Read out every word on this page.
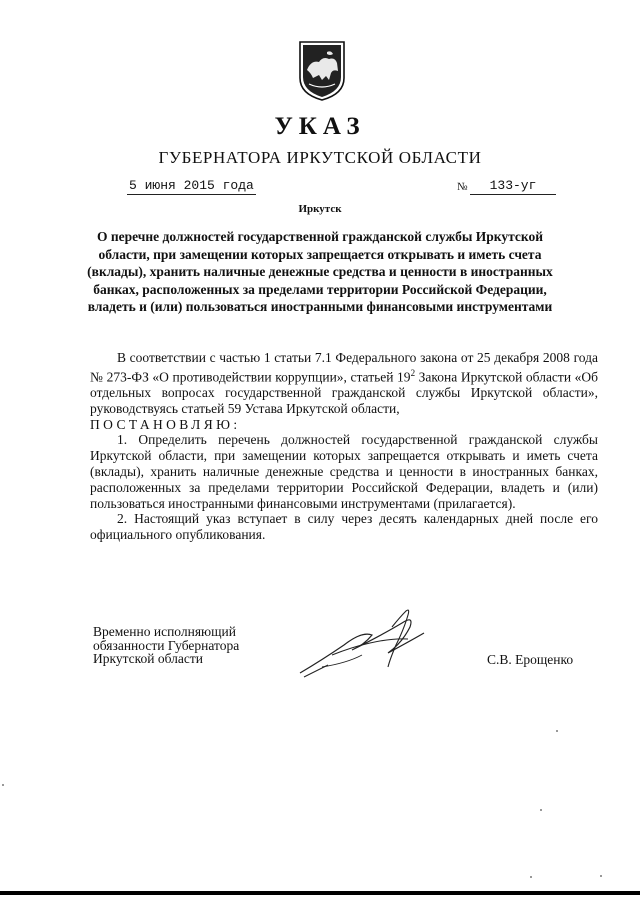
УКАЗ
ГУБЕРНАТОРА ИРКУТСКОЙ ОБЛАСТИ
5 июня 2015 года	№	133-уг
Иркутск
О перечне должностей государственной гражданской службы Иркутской области, при замещении которых запрещается открывать и иметь счета (вклады), хранить наличные денежные средства и ценности в иностранных банках, расположенных за пределами территории Российской Федерации, владеть и (или) пользоваться иностранными финансовыми инструментами

В соответствии с частью 1 статьи 7.1 Федерального закона от 25 декабря 2008 года № 273-ФЗ «О противодействии коррупции», статьей $19^2$ Закона Иркутской области «Об отдельных вопросах государственной гражданской службы Иркутской области», руководствуясь статьей 59 Устава Иркутской области,

ПОСТАНОВЛЯЮ:

1. Определить перечень должностей государственной гражданской службы Иркутской области, при замещении которых запрещается открывать и иметь счета (вклады), хранить наличные денежные средства и ценности в иностранных банках, расположенных за пределами территории Российской Федерации, владеть и (или) пользоваться иностранными финансовыми инструментами (прилагается).

2. Настоящий указ вступает в силу через десять календарных дней после его официального опубликования.

Временно исполняющий
обязанности Губернатора
Иркутской области	С.В. Ерощенко
